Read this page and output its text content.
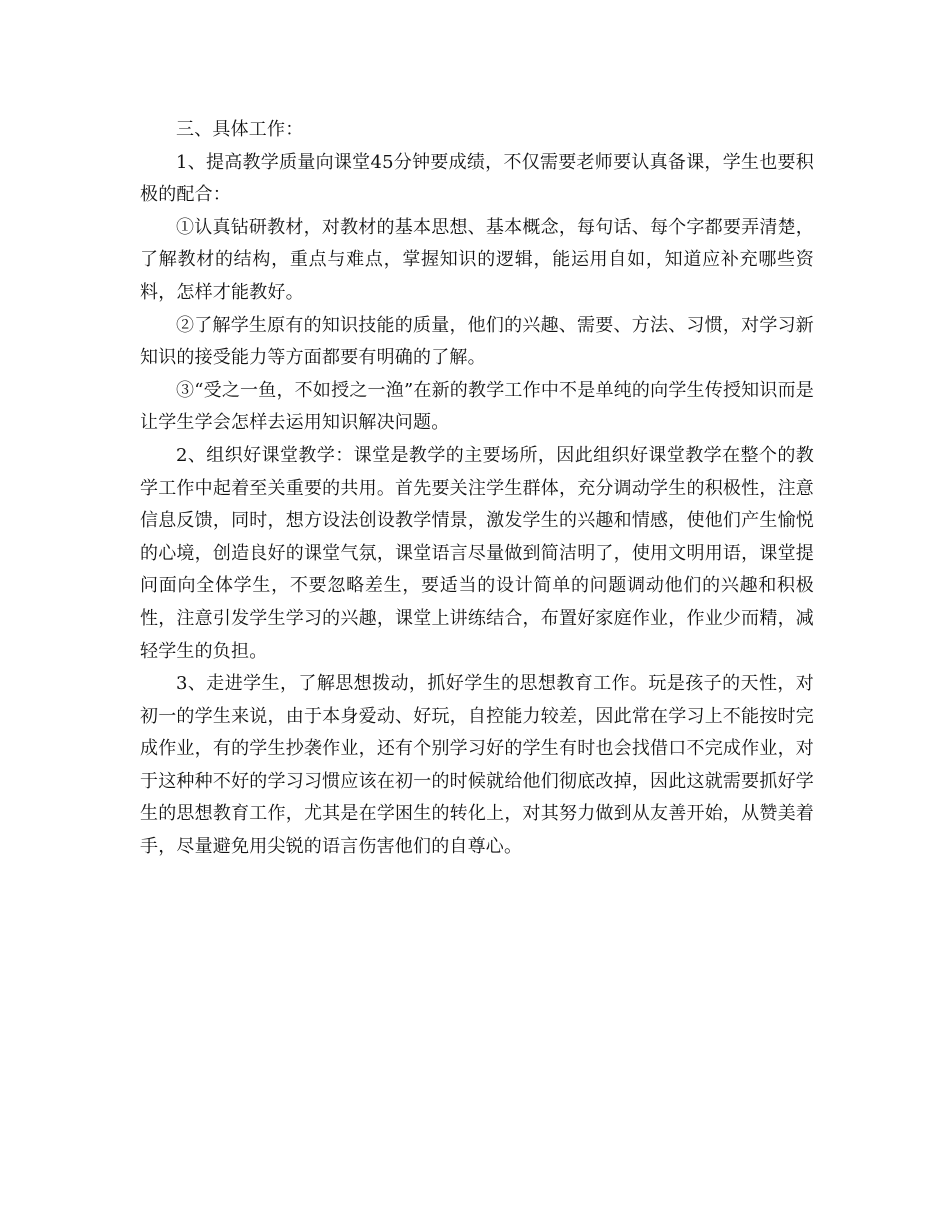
三、具体工作：

1、提高教学质量向课堂45分钟要成绩，不仅需要老师要认真备课，学生也要积极的配合：

①认真钻研教材，对教材的基本思想、基本概念，每句话、每个字都要弄清楚，了解教材的结构，重点与难点，掌握知识的逻辑，能运用自如，知道应补充哪些资料，怎样才能教好。

②了解学生原有的知识技能的质量，他们的兴趣、需要、方法、习惯，对学习新知识的接受能力等方面都要有明确的了解。

③“受之一鱼，不如授之一渔”在新的教学工作中不是单纯的向学生传授知识而是让学生学会怎样去运用知识解决问题。

2、组织好课堂教学：课堂是教学的主要场所，因此组织好课堂教学在整个的教学工作中起着至关重要的共用。首先要关注学生群体，充分调动学生的积极性，注意信息反馈，同时，想方设法创设教学情景，激发学生的兴趣和情感，使他们产生愉悦的心境，创造良好的课堂气氛，课堂语言尽量做到简洁明了，使用文明用语，课堂提问面向全体学生，不要忽略差生，要适当的设计简单的问题调动他们的兴趣和积极性，注意引发学生学习的兴趣，课堂上讲练结合，布置好家庭作业，作业少而精，减轻学生的负担。

3、走进学生，了解思想拨动，抓好学生的思想教育工作。玩是孩子的天性，对初一的学生来说，由于本身爱动、好玩，自控能力较差，因此常在学习上不能按时完成作业，有的学生抄袭作业，还有个别学习好的学生有时也会找借口不完成作业，对于这种种不好的学习习惯应该在初一的时候就给他们彻底改掉，因此这就需要抓好学生的思想教育工作，尤其是在学困生的转化上，对其努力做到从友善开始，从赞美着手，尽量避免用尖锐的语言伤害他们的自尊心。
